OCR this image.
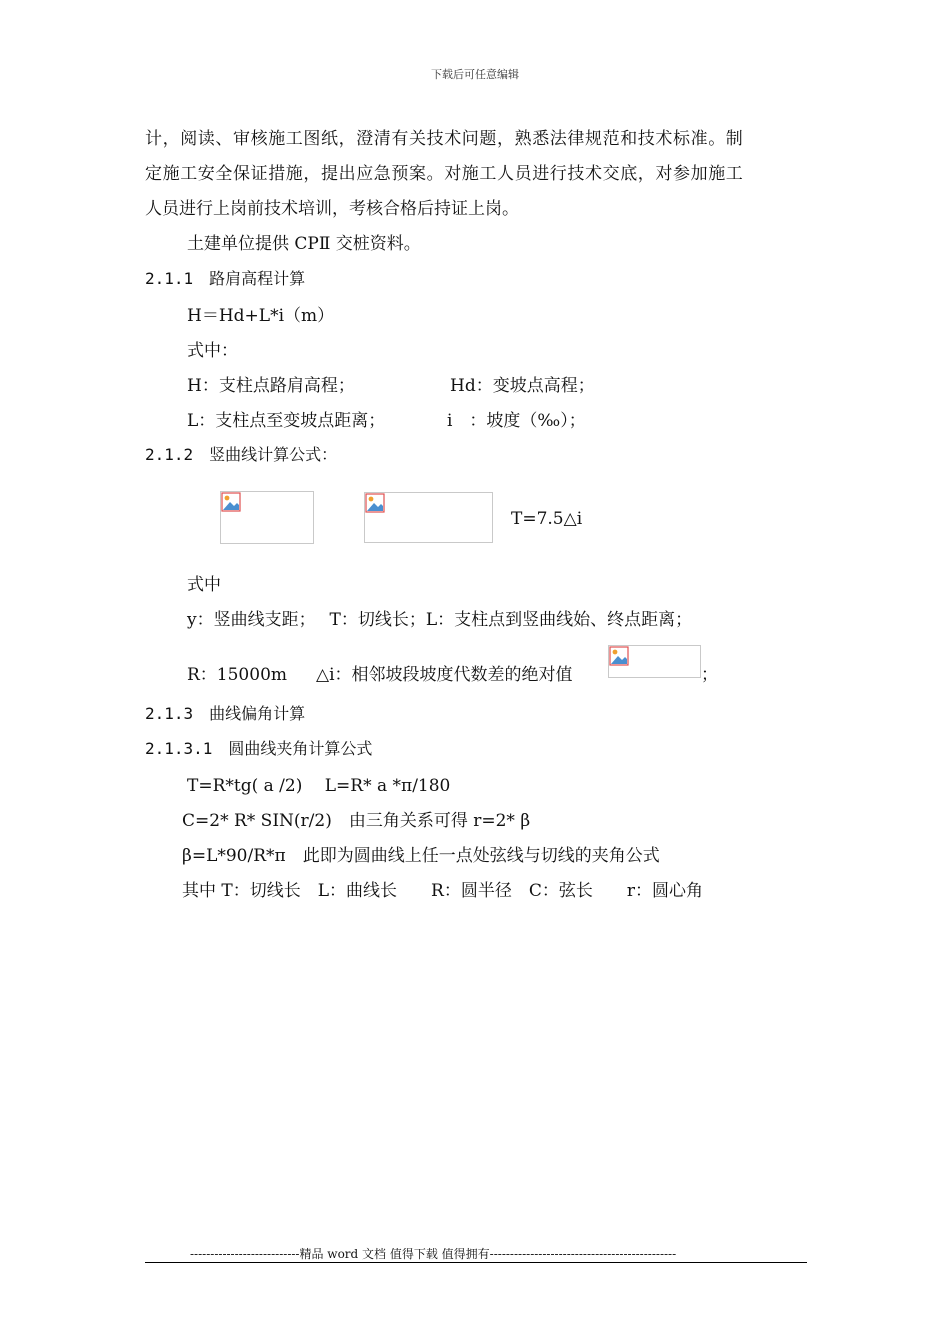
下载后可任意编辑
计，阅读、审核施工图纸，澄清有关技术问题，熟悉法律规范和技术标准。制
定施工安全保证措施，提出应急预案。对施工人员进行技术交底，对参加施工
人员进行上岗前技术培训，考核合格后持证上岗。
土建单位提供 CPⅡ 交桩资料。
2.1.1　路肩高程计算
H＝Hd+L*i（m）
式中：
H：支柱点路肩高程；	Hd：变坡点高程；
L：支柱点至变坡点距离；	i　：坡度（‰）；
2.1.2　竖曲线计算公式：
T=7.5△i
式中
y：竖曲线支距；　 T：切线长；L：支柱点到竖曲线始、终点距离；
R：15000m △i：相邻坡段坡度代数差的绝对值	；
2.1.3　曲线偏角计算
2.1.3.1　圆曲线夹角计算公式
T=R*tg( a /2)　 L=R* a *π/180
C=2* R* SIN(r/2)　由三角关系可得 r=2* β
β=L*90/R*π　此即为圆曲线上任一点处弦线与切线的夹角公式
其中 T：切线长　L：曲线长　　R：圆半径　C：弦长　　r：圆心角
---------------------------精品 word 文档 值得下载 值得拥有----------------------------------------------
